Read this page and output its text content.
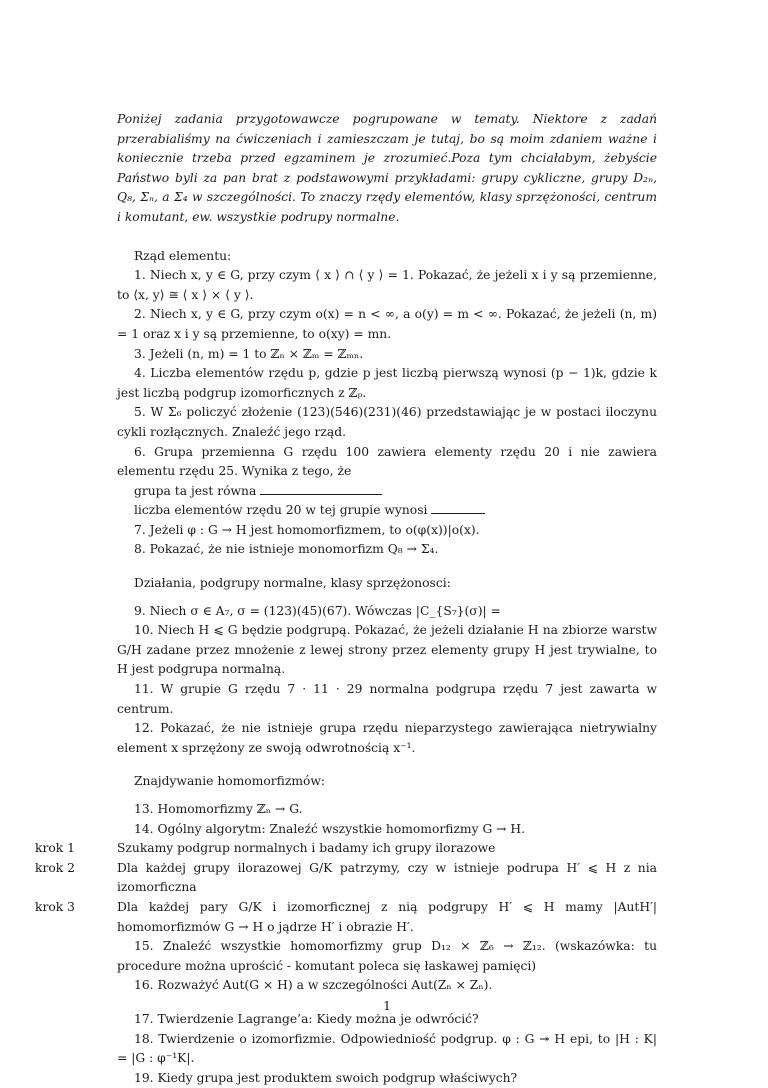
Poniżej zadania przygotowawcze pogrupowane w tematy. Niektore z zadań przerabialiśmy na ćwiczeniach i zamieszczam je tutaj, bo są moim zdaniem ważne i koniecznie trzeba przed egzaminem je zrozumieć.Poza tym chciałabym, żebyście Państwo byli za pan brat z podstawowymi przykładami: grupy cykliczne, grupy D₂ₙ, Q₈, Σₙ, a Σ₄ w szczególności. To znaczy rzędy elementów, klasy sprzężoności, centrum i komutant, ew. wszystkie podrupy normalne.

Rząd elementu:

1. Niech x, y ∈ G, przy czym ⟨ x ⟩ ∩ ⟨ y ⟩ = 1. Pokazać, że jeżeli x i y są przemienne, to ⟨x, y⟩ ≅ ⟨ x ⟩ × ⟨ y ⟩.

2. Niech x, y ∈ G, przy czym o(x) = n < ∞, a o(y) = m < ∞. Pokazać, że jeżeli (n, m) = 1 oraz x i y są przemienne, to o(xy) = mn.

3. Jeżeli (n, m) = 1 to ℤₙ × ℤₘ = ℤₘₙ.

4. Liczba elementów rzędu p, gdzie p jest liczbą pierwszą wynosi (p − 1)k, gdzie k jest liczbą podgrup izomorficznych z ℤₚ.

5. W Σ₆ policzyć złożenie (123)(546)(231)(46) przedstawiając je w postaci iloczynu cykli rozłącznych. Znaleźć jego rząd.

6. Grupa przemienna G rzędu 100 zawiera elementy rzędu 20 i nie zawiera elementu rzędu 25. Wynika z tego, że

grupa ta jest równa

liczba elementów rzędu 20 w tej grupie wynosi

7. Jeżeli φ : G → H jest homomorfizmem, to o(φ(x))|o(x).

8. Pokazać, że nie istnieje monomorfizm Q₈ → Σ₄.

Działania, podgrupy normalne, klasy sprzężonosci:

9. Niech σ ∈ A₇, σ = (123)(45)(67). Wówczas |C_{S₇}(σ)| =

10. Niech H ⩽ G będzie podgrupą. Pokazać, że jeżeli działanie H na zbiorze warstw G/H zadane przez mnożenie z lewej strony przez elementy grupy H jest trywialne, to H jest podgrupa normalną.

11. W grupie G rzędu 7 · 11 · 29 normalna podgrupa rzędu 7 jest zawarta w centrum.

12. Pokazać, że nie istnieje grupa rzędu nieparzystego zawierająca nietrywialny element x sprzężony ze swoją odwrotnością x⁻¹.

Znajdywanie homomorfizmów:

13. Homomorfizmy ℤₙ → G.

14. Ogólny algorytm: Znaleźć wszystkie homomorfizmy G → H.

krok 1	Szukamy podgrup normalnych i badamy ich grupy ilorazowe
krok 2	Dla każdej grupy ilorazowej G/K patrzymy, czy w istnieje podrupa H′ ⩽ H z nia izomorficzna
krok 3	Dla każdej pary G/K i izomorficznej z nią podgrupy H′ ⩽ H mamy |AutH′| homomorfizmów G → H o jądrze H′ i obrazie H′.

15. Znaleźć wszystkie homomorfizmy grup D₁₂ × ℤ₆ → ℤ₁₂. (wskazówka: tu procedure można uprościć - komutant poleca się łaskawej pamięci)

16. Rozważyć Aut(G × H) a w szczególności Aut(Zₙ × Zₙ).

17. Twierdzenie Lagrange’a: Kiedy można je odwrócić?

18. Twierdzenie o izomorfizmie. Odpowiedniość podgrup. φ : G ↠ H epi, to |H : K| = |G : φ⁻¹K|.

19. Kiedy grupa jest produktem swoich podgrup właściwych?

1
